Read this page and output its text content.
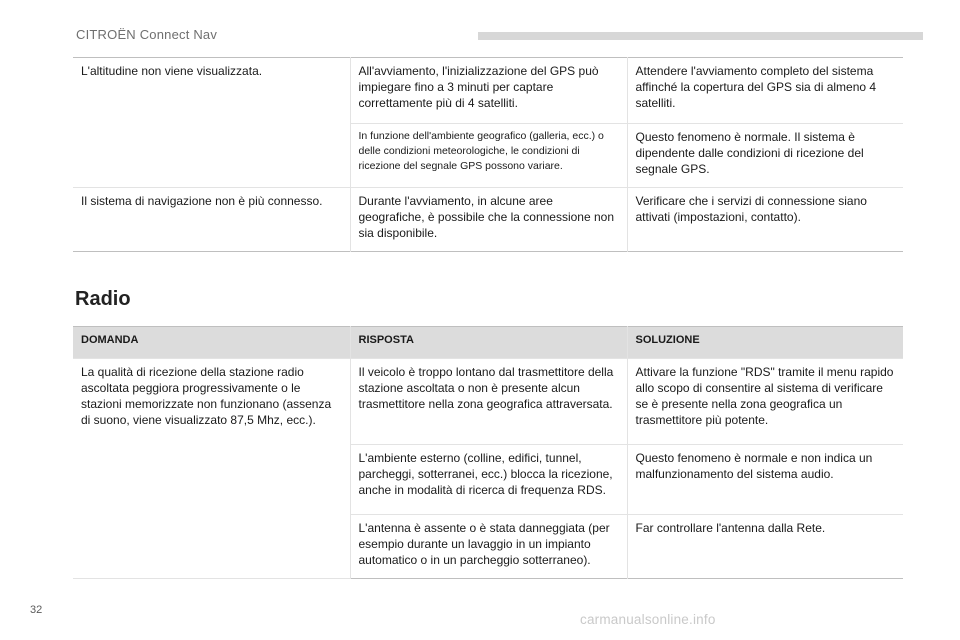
CITROËN Connect Nav
L'altitudine non viene visualizzata.	All'avviamento, l'inizializzazione del GPS può impiegare fino a 3 minuti per captare correttamente più di 4 satelliti.	Attendere l'avviamento completo del sistema affinché la copertura del GPS sia di almeno 4 satelliti.
	In funzione dell'ambiente geografico (galleria, ecc.) o delle condizioni meteorologiche, le condizioni di ricezione del segnale GPS possono variare.	Questo fenomeno è normale. Il sistema è dipendente dalle condizioni di ricezione del segnale GPS.
Il sistema di navigazione non è più connesso.	Durante l'avviamento, in alcune aree geografiche, è possibile che la connessione non sia disponibile.	Verificare che i servizi di connessione siano attivati (impostazioni, contatto).
Radio
DOMANDA	RISPOSTA	SOLUZIONE
La qualità di ricezione della stazione radio ascoltata peggiora progressivamente o le stazioni memorizzate non funzionano (assenza di suono, viene visualizzato 87,5 Mhz, ecc.).	Il veicolo è troppo lontano dal trasmettitore della stazione ascoltata o non è presente alcun trasmettitore nella zona geografica attraversata.	Attivare la funzione "RDS" tramite il menu rapido allo scopo di consentire al sistema di verificare se è presente nella zona geografica un trasmettitore più potente.
	L'ambiente esterno (colline, edifici, tunnel, parcheggi, sotterranei, ecc.) blocca la ricezione, anche in modalità di ricerca di frequenza RDS.	Questo fenomeno è normale e non indica un malfunzionamento del sistema audio.
	L'antenna è assente o è stata danneggiata (per esempio durante un lavaggio in un impianto automatico o in un parcheggio sotterraneo).	Far controllare l'antenna dalla Rete.
32
carmanualsonline.info
